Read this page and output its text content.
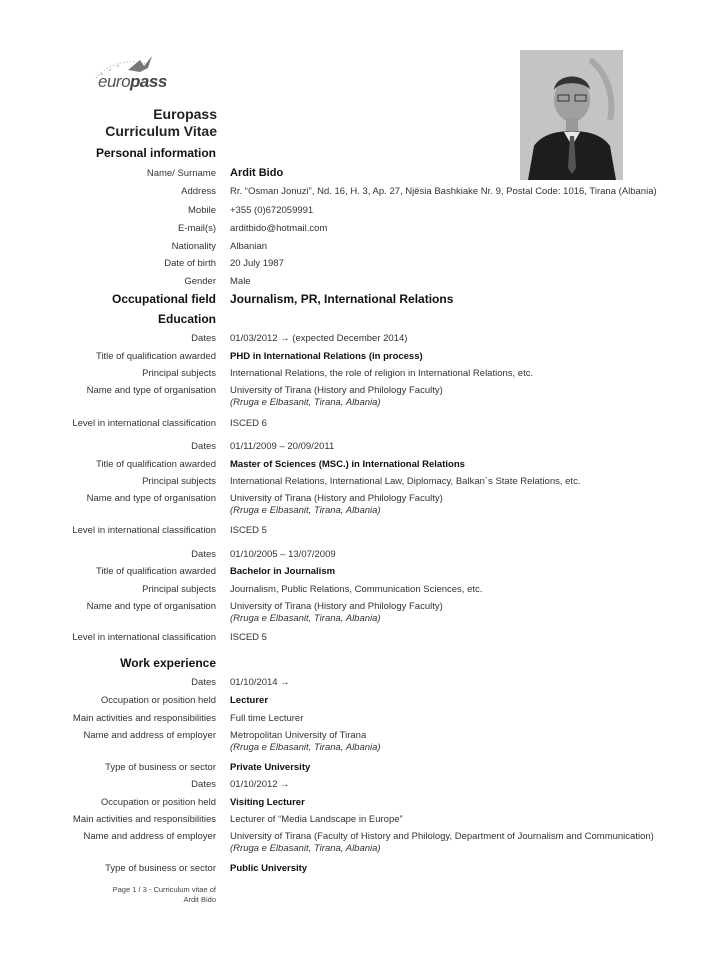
europass
Europass
Curriculum Vitae
Personal information
Name/ Surname Ardit Bido
Address Rr. “Osman Jonuzi”, Nd. 16, H. 3, Ap. 27, Njësia Bashkiake Nr. 9, Postal Code: 1016, Tirana (Albania)
Mobile +355 (0)672059991
E-mail(s) arditbido@hotmail.com
Nationality Albanian
Date of birth 20 July 1987
Gender Male
Occupational field Journalism, PR, International Relations
Education
Dates 01/03/2012 → (expected December 2014)
Title of qualification awarded PHD in International Relations (in process)
Principal subjects International Relations, the role of religion in International Relations, etc.
Name and type of organisation University of Tirana (History and Philology Faculty)
(Rruga e Elbasanit, Tirana, Albania)
Level in international classification ISCED 6
Dates 01/11/2009 – 20/09/2011
Title of qualification awarded Master of Sciences (MSC.) in International Relations
Principal subjects International Relations, International Law, Diplomacy, Balkan`s State Relations, etc.
Name and type of organisation University of Tirana (History and Philology Faculty)
(Rruga e Elbasanit, Tirana, Albania)
Level in international classification ISCED 5
Dates 01/10/2005 – 13/07/2009
Title of qualification awarded Bachelor in Journalism
Principal subjects Journalism, Public Relations, Communication Sciences, etc.
Name and type of organisation University of Tirana (History and Philology Faculty)
(Rruga e Elbasanit, Tirana, Albania)
Level in international classification ISCED 5
Work experience
Dates 01/10/2014 →
Occupation or position held Lecturer
Main activities and responsibilities Full time Lecturer
Name and address of employer Metropolitan University of Tirana
(Rruga e Elbasanit, Tirana, Albania)
Type of business or sector Private University
Dates 01/10/2012 →
Occupation or position held Visiting Lecturer
Main activities and responsibilities Lecturer of “Media Landscape in Europe”
Name and address of employer University of Tirana (Faculty of History and Philology, Department of Journalism and Communication)
(Rruga e Elbasanit, Tirana, Albania)
Type of business or sector Public University
Page 1 / 3 - Curriculum vitae of
Ardit Bido
